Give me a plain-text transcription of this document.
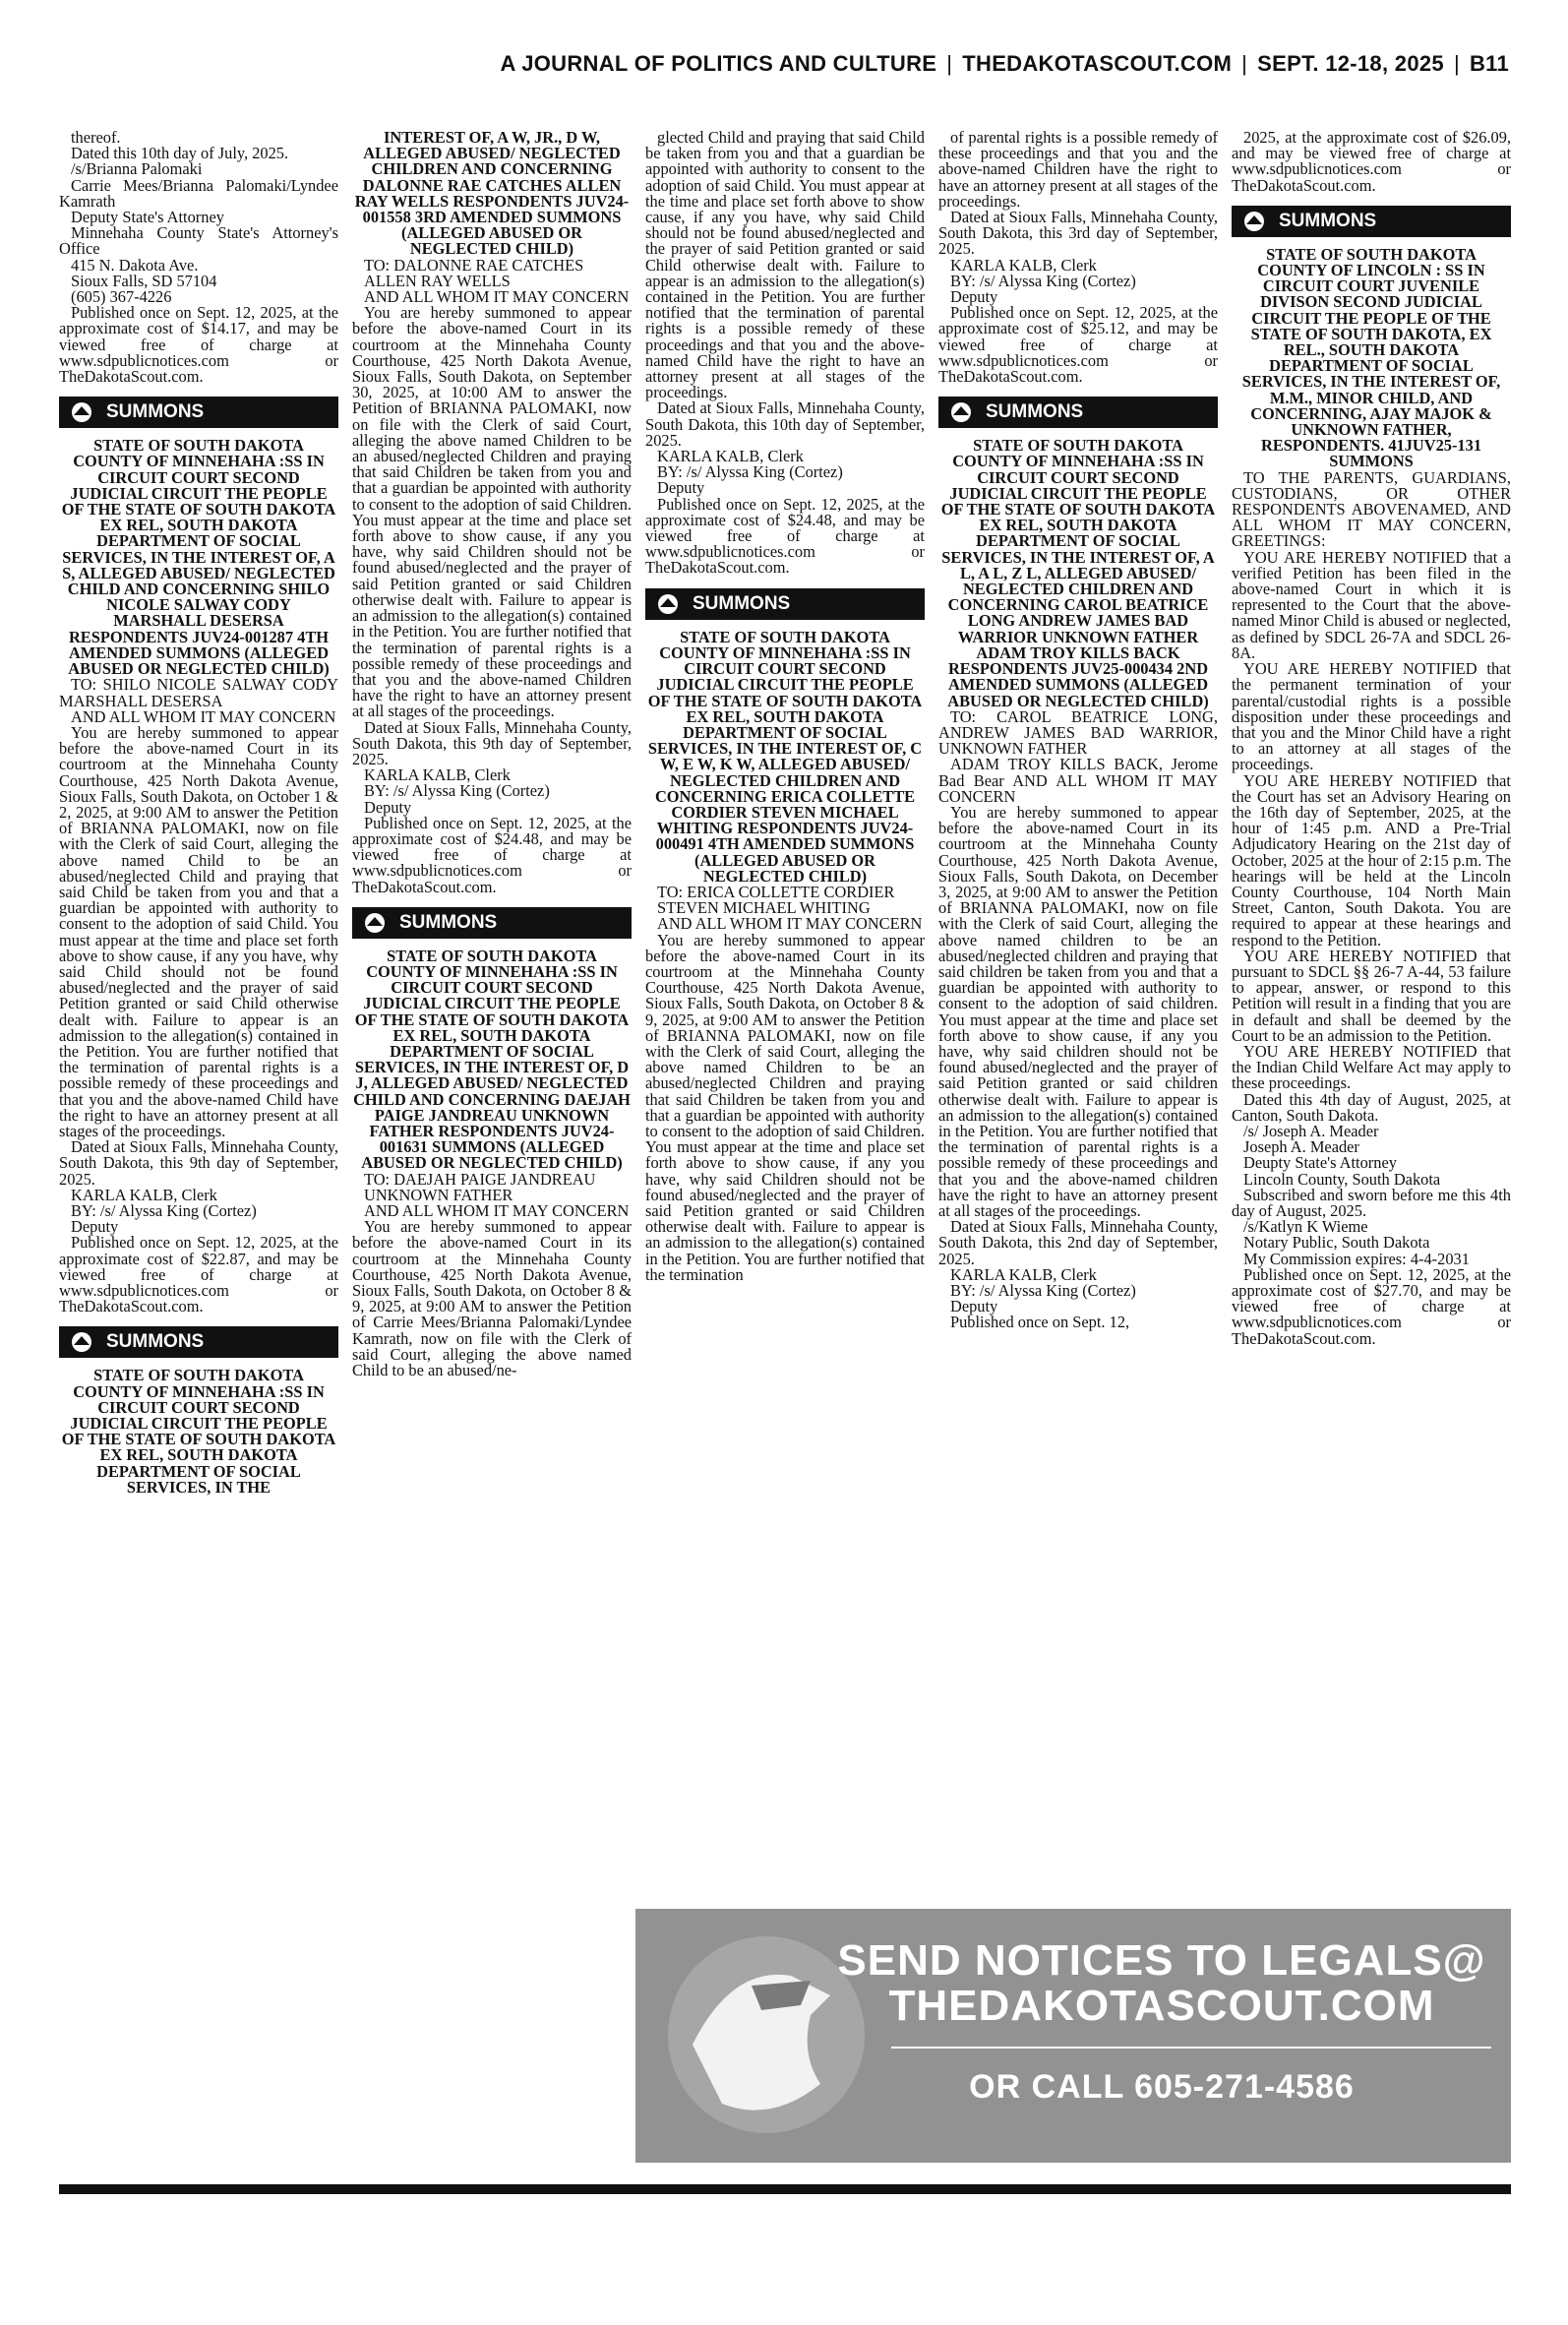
A JOURNAL OF POLITICS AND CULTURE | THEDAKOTASCOUT.COM | SEPT. 12-18, 2025 | B11

thereof.

Dated this 10th day of July, 2025.

/s/Brianna Palomaki

Carrie Mees/Brianna Palomaki/Lyndee Kamrath

Deputy State's Attorney

Minnehaha County State's Attorney's Office

415 N. Dakota Ave.

Sioux Falls, SD 57104

(605) 367-4226

Published once on Sept. 12, 2025, at the approximate cost of $14.17, and may be viewed free of charge at www.sdpublicnotices.com or TheDakotaScout.com.

SUMMONS

STATE OF SOUTH DAKOTA COUNTY OF MINNEHAHA :SS IN CIRCUIT COURT SECOND JUDICIAL CIRCUIT THE PEOPLE OF THE STATE OF SOUTH DAKOTA EX REL, SOUTH DAKOTA DEPARTMENT OF SOCIAL SERVICES, IN THE INTEREST OF, A S, ALLEGED ABUSED/ NEGLECTED CHILD AND CONCERNING SHILO NICOLE SALWAY CODY MARSHALL DESERSA RESPONDENTS JUV24-001287 4TH AMENDED SUMMONS (ALLEGED ABUSED OR NEGLECTED CHILD)

TO: SHILO NICOLE SALWAY CODY MARSHALL DESERSA

AND ALL WHOM IT MAY CONCERN

You are hereby summoned to appear before the above-named Court in its courtroom at the Minnehaha County Courthouse, 425 North Dakota Avenue, Sioux Falls, South Dakota, on October 1 & 2, 2025, at 9:00 AM to answer the Petition of BRIANNA PALOMAKI, now on file with the Clerk of said Court, alleging the above named Child to be an abused/neglected Child and praying that said Child be taken from you and that a guardian be appointed with authority to consent to the adoption of said Child. You must appear at the time and place set forth above to show cause, if any you have, why said Child should not be found abused/neglected and the prayer of said Petition granted or said Child otherwise dealt with. Failure to appear is an admission to the allegation(s) contained in the Petition. You are further notified that the termination of parental rights is a possible remedy of these proceedings and that you and the above-named Child have the right to have an attorney present at all stages of the proceedings.

Dated at Sioux Falls, Minnehaha County, South Dakota, this 9th day of September, 2025.

KARLA KALB, Clerk

BY: /s/ Alyssa King (Cortez)

Deputy

Published once on Sept. 12, 2025, at the approximate cost of $22.87, and may be viewed free of charge at www.sdpublicnotices.com or TheDakotaScout.com.

SUMMONS

STATE OF SOUTH DAKOTA COUNTY OF MINNEHAHA :SS IN CIRCUIT COURT SECOND JUDICIAL CIRCUIT THE PEOPLE OF THE STATE OF SOUTH DAKOTA EX REL, SOUTH DAKOTA DEPARTMENT OF SOCIAL SERVICES, IN THE

INTEREST OF, A W, JR., D W, ALLEGED ABUSED/ NEGLECTED CHILDREN AND CONCERNING DALONNE RAE CATCHES ALLEN RAY WELLS RESPONDENTS JUV24-001558 3RD AMENDED SUMMONS (ALLEGED ABUSED OR NEGLECTED CHILD)

TO: DALONNE RAE CATCHES

ALLEN RAY WELLS

AND ALL WHOM IT MAY CONCERN

You are hereby summoned to appear before the above-named Court in its courtroom at the Minnehaha County Courthouse, 425 North Dakota Avenue, Sioux Falls, South Dakota, on September 30, 2025, at 10:00 AM to answer the Petition of BRIANNA PALOMAKI, now on file with the Clerk of said Court, alleging the above named Children to be an abused/neglected Children and praying that said Children be taken from you and that a guardian be appointed with authority to consent to the adoption of said Children. You must appear at the time and place set forth above to show cause, if any you have, why said Children should not be found abused/neglected and the prayer of said Petition granted or said Children otherwise dealt with. Failure to appear is an admission to the allegation(s) contained in the Petition. You are further notified that the termination of parental rights is a possible remedy of these proceedings and that you and the above-named Children have the right to have an attorney present at all stages of the proceedings.

Dated at Sioux Falls, Minnehaha County, South Dakota, this 9th day of September, 2025.

KARLA KALB, Clerk

BY: /s/ Alyssa King (Cortez)

Deputy

Published once on Sept. 12, 2025, at the approximate cost of $24.48, and may be viewed free of charge at www.sdpublicnotices.com or TheDakotaScout.com.

SUMMONS

STATE OF SOUTH DAKOTA COUNTY OF MINNEHAHA :SS IN CIRCUIT COURT SECOND JUDICIAL CIRCUIT THE PEOPLE OF THE STATE OF SOUTH DAKOTA EX REL, SOUTH DAKOTA DEPARTMENT OF SOCIAL SERVICES, IN THE INTEREST OF, D J, ALLEGED ABUSED/ NEGLECTED CHILD AND CONCERNING DAEJAH PAIGE JANDREAU UNKNOWN FATHER RESPONDENTS JUV24-001631 SUMMONS (ALLEGED ABUSED OR NEGLECTED CHILD)

TO: DAEJAH PAIGE JANDREAU

UNKNOWN FATHER

AND ALL WHOM IT MAY CONCERN

You are hereby summoned to appear before the above-named Court in its courtroom at the Minnehaha County Courthouse, 425 North Dakota Avenue, Sioux Falls, South Dakota, on October 8 & 9, 2025, at 9:00 AM to answer the Petition of Carrie Mees/Brianna Palomaki/Lyndee Kamrath, now on file with the Clerk of said Court, alleging the above named Child to be an abused/ne-

glected Child and praying that said Child be taken from you and that a guardian be appointed with authority to consent to the adoption of said Child. You must appear at the time and place set forth above to show cause, if any you have, why said Child should not be found abused/neglected and the prayer of said Petition granted or said Child otherwise dealt with. Failure to appear is an admission to the allegation(s) contained in the Petition. You are further notified that the termination of parental rights is a possible remedy of these proceedings and that you and the above-named Child have the right to have an attorney present at all stages of the proceedings.

Dated at Sioux Falls, Minnehaha County, South Dakota, this 10th day of September, 2025.

KARLA KALB, Clerk

BY: /s/ Alyssa King (Cortez)

Deputy

Published once on Sept. 12, 2025, at the approximate cost of $24.48, and may be viewed free of charge at www.sdpublicnotices.com or TheDakotaScout.com.

SUMMONS

STATE OF SOUTH DAKOTA COUNTY OF MINNEHAHA :SS IN CIRCUIT COURT SECOND JUDICIAL CIRCUIT THE PEOPLE OF THE STATE OF SOUTH DAKOTA EX REL, SOUTH DAKOTA DEPARTMENT OF SOCIAL SERVICES, IN THE INTEREST OF, C W, E W, K W, ALLEGED ABUSED/ NEGLECTED CHILDREN AND CONCERNING ERICA COLLETTE CORDIER STEVEN MICHAEL WHITING RESPONDENTS JUV24-000491 4TH AMENDED SUMMONS (ALLEGED ABUSED OR NEGLECTED CHILD)

TO: ERICA COLLETTE CORDIER

STEVEN MICHAEL WHITING

AND ALL WHOM IT MAY CONCERN

You are hereby summoned to appear before the above-named Court in its courtroom at the Minnehaha County Courthouse, 425 North Dakota Avenue, Sioux Falls, South Dakota, on October 8 & 9, 2025, at 9:00 AM to answer the Petition of BRIANNA PALOMAKI, now on file with the Clerk of said Court, alleging the above named Children to be an abused/neglected Children and praying that said Children be taken from you and that a guardian be appointed with authority to consent to the adoption of said Children. You must appear at the time and place set forth above to show cause, if any you have, why said Children should not be found abused/neglected and the prayer of said Petition granted or said Children otherwise dealt with. Failure to appear is an admission to the allegation(s) contained in the Petition. You are further notified that the termination

of parental rights is a possible remedy of these proceedings and that you and the above-named Children have the right to have an attorney present at all stages of the proceedings.

Dated at Sioux Falls, Minnehaha County, South Dakota, this 3rd day of September, 2025.

KARLA KALB, Clerk

BY: /s/ Alyssa King (Cortez)

Deputy

Published once on Sept. 12, 2025, at the approximate cost of $25.12, and may be viewed free of charge at www.sdpublicnotices.com or TheDakotaScout.com.

SUMMONS

STATE OF SOUTH DAKOTA COUNTY OF MINNEHAHA :SS IN CIRCUIT COURT SECOND JUDICIAL CIRCUIT THE PEOPLE OF THE STATE OF SOUTH DAKOTA EX REL, SOUTH DAKOTA DEPARTMENT OF SOCIAL SERVICES, IN THE INTEREST OF, A L, A L, Z L, ALLEGED ABUSED/ NEGLECTED CHILDREN AND CONCERNING CAROL BEATRICE LONG ANDREW JAMES BAD WARRIOR UNKNOWN FATHER ADAM TROY KILLS BACK RESPONDENTS JUV25-000434 2ND AMENDED SUMMONS (ALLEGED ABUSED OR NEGLECTED CHILD)

TO: CAROL BEATRICE LONG, ANDREW JAMES BAD WARRIOR, UNKNOWN FATHER

ADAM TROY KILLS BACK, Jerome Bad Bear AND ALL WHOM IT MAY CONCERN

You are hereby summoned to appear before the above-named Court in its courtroom at the Minnehaha County Courthouse, 425 North Dakota Avenue, Sioux Falls, South Dakota, on December 3, 2025, at 9:00 AM to answer the Petition of BRIANNA PALOMAKI, now on file with the Clerk of said Court, alleging the above named children to be an abused/neglected children and praying that said children be taken from you and that a guardian be appointed with authority to consent to the adoption of said children. You must appear at the time and place set forth above to show cause, if any you have, why said children should not be found abused/neglected and the prayer of said Petition granted or said children otherwise dealt with. Failure to appear is an admission to the allegation(s) contained in the Petition. You are further notified that the termination of parental rights is a possible remedy of these proceedings and that you and the above-named children have the right to have an attorney present at all stages of the proceedings.

Dated at Sioux Falls, Minnehaha County, South Dakota, this 2nd day of September, 2025.

KARLA KALB, Clerk

BY: /s/ Alyssa King (Cortez)

Deputy

Published once on Sept. 12,

2025, at the approximate cost of $26.09, and may be viewed free of charge at www.sdpublicnotices.com or TheDakotaScout.com.

SUMMONS

STATE OF SOUTH DAKOTA COUNTY OF LINCOLN : SS IN CIRCUIT COURT JUVENILE DIVISON SECOND JUDICIAL CIRCUIT THE PEOPLE OF THE STATE OF SOUTH DAKOTA, EX REL., SOUTH DAKOTA DEPARTMENT OF SOCIAL SERVICES, IN THE INTEREST OF, M.M., MINOR CHILD, AND CONCERNING, AJAY MAJOK & UNKNOWN FATHER, RESPONDENTS. 41JUV25-131 SUMMONS

TO THE PARENTS, GUARDIANS, CUSTODIANS, OR OTHER RESPONDENTS ABOVENAMED, AND ALL WHOM IT MAY CONCERN, GREETINGS:

YOU ARE HEREBY NOTIFIED that a verified Petition has been filed in the above-named Court in which it is represented to the Court that the above-named Minor Child is abused or neglected, as defined by SDCL 26-7A and SDCL 26-8A.

YOU ARE HEREBY NOTIFIED that the permanent termination of your parental/custodial rights is a possible disposition under these proceedings and that you and the Minor Child have a right to an attorney at all stages of the proceedings.

YOU ARE HEREBY NOTIFIED that the Court has set an Advisory Hearing on the 16th day of September, 2025, at the hour of 1:45 p.m. AND a Pre-Trial Adjudicatory Hearing on the 21st day of October, 2025 at the hour of 2:15 p.m. The hearings will be held at the Lincoln County Courthouse, 104 North Main Street, Canton, South Dakota. You are required to appear at these hearings and respond to the Petition.

YOU ARE HEREBY NOTIFIED that pursuant to SDCL §§ 26-7 A-44, 53 failure to appear, answer, or respond to this Petition will result in a finding that you are in default and shall be deemed by the Court to be an admission to the Petition.

YOU ARE HEREBY NOTIFIED that the Indian Child Welfare Act may apply to these proceedings.

Dated this 4th day of August, 2025, at Canton, South Dakota.

/s/ Joseph A. Meader

Joseph A. Meader

Deupty State's Attorney

Lincoln County, South Dakota

Subscribed and sworn before me this 4th day of August, 2025.

/s/Katlyn K Wieme

Notary Public, South Dakota

My Commission expires: 4-4-2031

Published once on Sept. 12, 2025, at the approximate cost of $27.70, and may be viewed free of charge at www.sdpublicnotices.com or TheDakotaScout.com.

SEND NOTICES TO LEGALS@
THEDAKOTASCOUT.COM
OR CALL 605-271-4586
